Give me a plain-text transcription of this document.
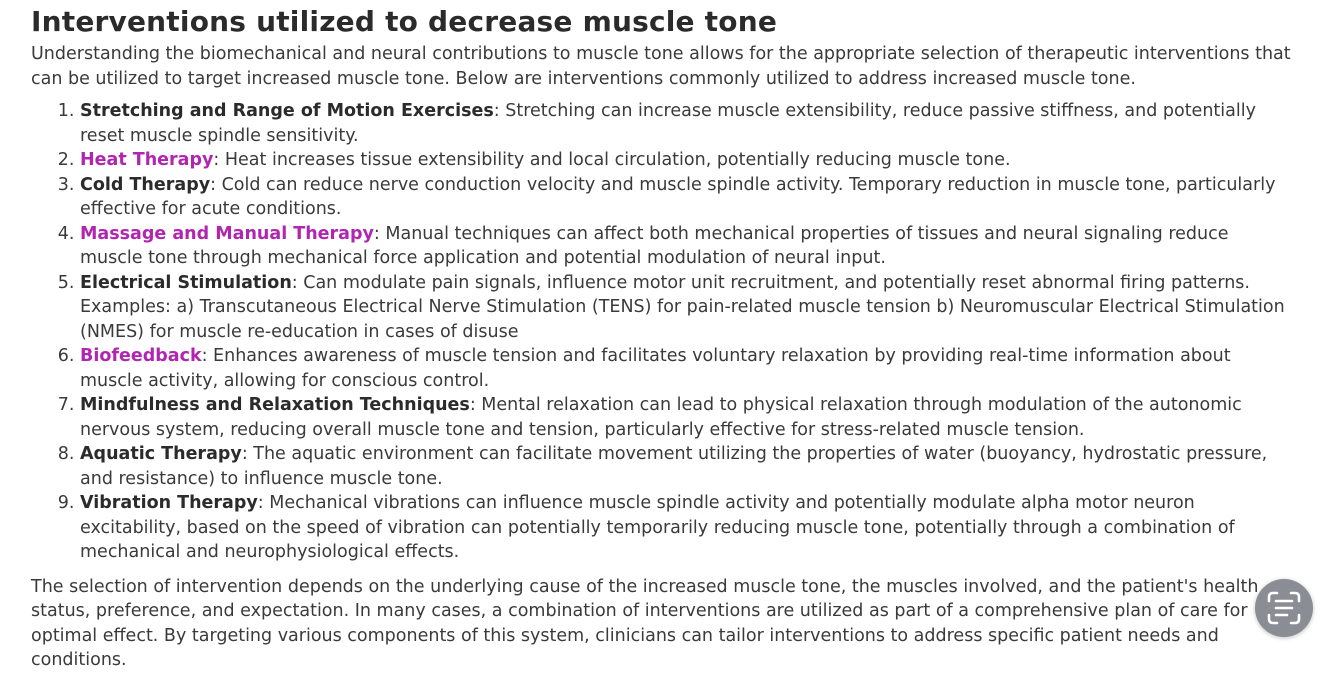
Interventions utilized to decrease muscle tone

Understanding the biomechanical and neural contributions to muscle tone allows for the appropriate selection of therapeutic interventions that can be utilized to target increased muscle tone. Below are interventions commonly utilized to address increased muscle tone.

1. Stretching and Range of Motion Exercises: Stretching can increase muscle extensibility, reduce passive stiffness, and potentially reset muscle spindle sensitivity.
2. Heat Therapy: Heat increases tissue extensibility and local circulation, potentially reducing muscle tone.
3. Cold Therapy: Cold can reduce nerve conduction velocity and muscle spindle activity. Temporary reduction in muscle tone, particularly effective for acute conditions.
4. Massage and Manual Therapy: Manual techniques can affect both mechanical properties of tissues and neural signaling reduce muscle tone through mechanical force application and potential modulation of neural input.
5. Electrical Stimulation: Can modulate pain signals, influence motor unit recruitment, and potentially reset abnormal firing patterns. Examples: a) Transcutaneous Electrical Nerve Stimulation (TENS) for pain-related muscle tension b) Neuromuscular Electrical Stimulation (NMES) for muscle re-education in cases of disuse
6. Biofeedback: Enhances awareness of muscle tension and facilitates voluntary relaxation by providing real-time information about muscle activity, allowing for conscious control.
7. Mindfulness and Relaxation Techniques: Mental relaxation can lead to physical relaxation through modulation of the autonomic nervous system, reducing overall muscle tone and tension, particularly effective for stress-related muscle tension.
8. Aquatic Therapy: The aquatic environment can facilitate movement utilizing the properties of water (buoyancy, hydrostatic pressure, and resistance) to influence muscle tone.
9. Vibration Therapy: Mechanical vibrations can influence muscle spindle activity and potentially modulate alpha motor neuron excitability, based on the speed of vibration can potentially temporarily reducing muscle tone, potentially through a combination of mechanical and neurophysiological effects.

The selection of intervention depends on the underlying cause of the increased muscle tone, the muscles involved, and the patient's health status, preference, and expectation. In many cases, a combination of interventions are utilized as part of a comprehensive plan of care for optimal effect. By targeting various components of this system, clinicians can tailor interventions to address specific patient needs and conditions.
